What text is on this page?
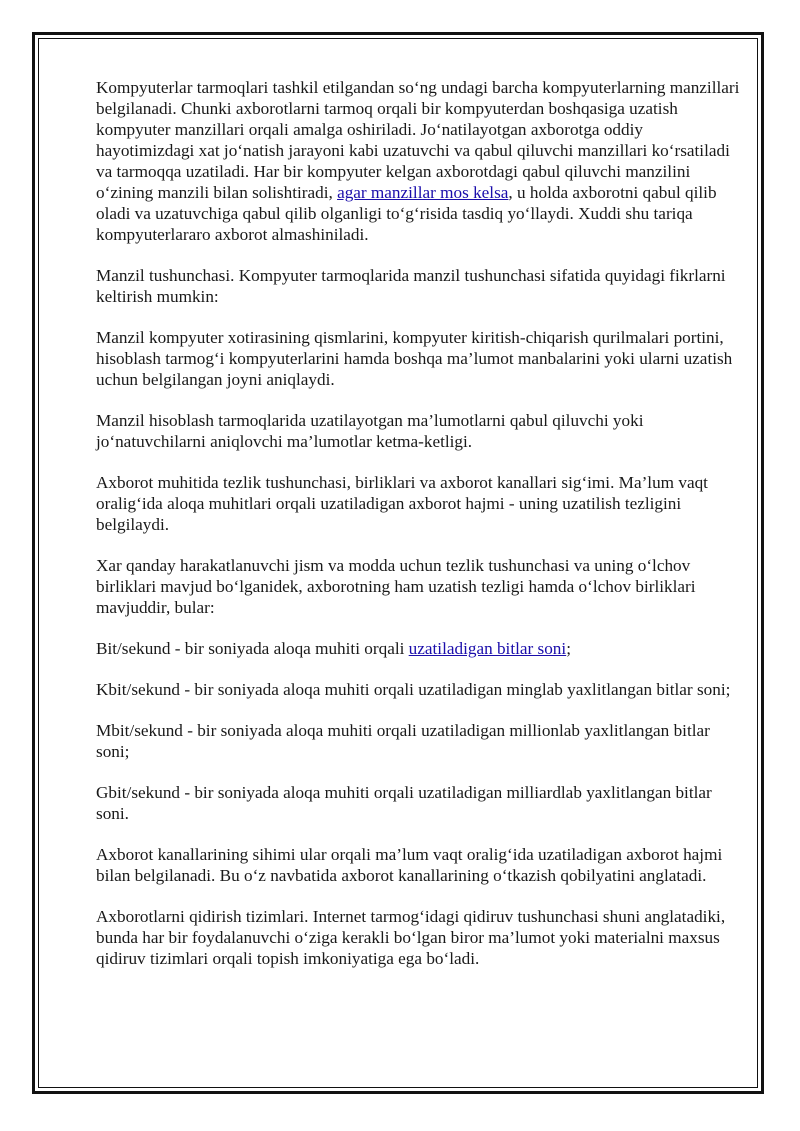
Kompyuterlar tarmoqlari tashkil etilgandan so‘ng undagi barcha kompyuterlarning manzillari belgilanadi. Chunki axborotlarni tarmoq orqali bir kompyuterdan boshqasiga uzatish kompyuter manzillari orqali amalga oshiriladi. Jo‘natilayotgan axborotga oddiy hayotimizdagi xat jo‘natish jarayoni kabi uzatuvchi va qabul qiluvchi manzillari ko‘rsatiladi va tarmoqqa uzatiladi. Har bir kompyuter kelgan axborotdagi qabul qiluvchi manzilini o‘zining manzili bilan solishtiradi, agar manzillar mos kelsa, u holda axborotni qabul qilib oladi va uzatuvchiga qabul qilib olganligi to‘g‘risida tasdiq yo‘llaydi. Xuddi shu tariqa kompyuterlararo axborot almashiniladi.

Manzil tushunchasi. Kompyuter tarmoqlarida manzil tushunchasi sifatida quyidagi fikrlarni keltirish mumkin:

Manzil kompyuter xotirasining qismlarini, kompyuter kiritish-chiqarish qurilmalari portini, hisoblash tarmog‘i kompyuterlarini hamda boshqa ma’lumot manbalarini yoki ularni uzatish uchun belgilangan joyni aniqlaydi.

Manzil hisoblash tarmoqlarida uzatilayotgan ma’lumotlarni qabul qiluvchi yoki jo‘natuvchilarni aniqlovchi ma’lumotlar ketma-ketligi.

Axborot muhitida tezlik tushunchasi, birliklari va axborot kanallari sig‘imi. Ma’lum vaqt oralig‘ida aloqa muhitlari orqali uzatiladigan axborot hajmi - uning uzatilish tezligini belgilaydi.

Xar qanday harakatlanuvchi jism va modda uchun tezlik tushunchasi va uning o‘lchov birliklari mavjud bo‘lganidek, axborotning ham uzatish tezligi hamda o‘lchov birliklari mavjuddir, bular:

Bit/sekund - bir soniyada aloqa muhiti orqali uzatiladigan bitlar soni;

Kbit/sekund - bir soniyada aloqa muhiti orqali uzatiladigan minglab yaxlitlangan bitlar soni;

Mbit/sekund - bir soniyada aloqa muhiti orqali uzatiladigan millionlab yaxlitlangan bitlar soni;

Gbit/sekund - bir soniyada aloqa muhiti orqali uzatiladigan milliardlab yaxlitlangan bitlar soni.

Axborot kanallarining sihimi ular orqali ma’lum vaqt oralig‘ida uzatiladigan axborot hajmi bilan belgilanadi. Bu o‘z navbatida axborot kanallarining o‘tkazish qobilyatini anglatadi.

Axborotlarni qidirish tizimlari. Internet tarmog‘idagi qidiruv tushunchasi shuni anglatadiki, bunda har bir foydalanuvchi o‘ziga kerakli bo‘lgan biror ma’lumot yoki materialni maxsus qidiruv tizimlari orqali topish imkoniyatiga ega bo‘ladi.
